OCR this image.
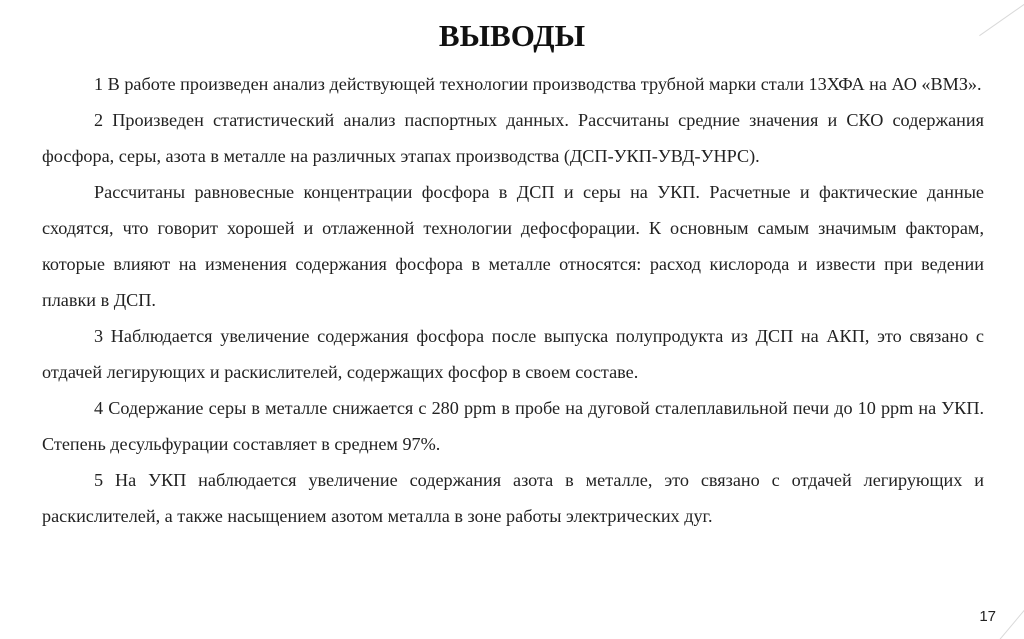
ВЫВОДЫ

1 В работе произведен анализ действующей технологии производства трубной марки стали 13ХФА на АО «ВМЗ».

2 Произведен статистический анализ паспортных данных. Рассчитаны средние значения и СКО содержания фосфора, серы, азота в металле на различных этапах производства (ДСП-УКП-УВД-УНРС).

Рассчитаны равновесные концентрации фосфора в ДСП и серы на УКП. Расчетные и фактические данные сходятся, что говорит хорошей и отлаженной технологии дефосфорации. К основным самым значимым факторам, которые влияют на изменения содержания фосфора в металле относятся: расход кислорода и извести при ведении плавки в ДСП.

3 Наблюдается увеличение содержания фосфора после выпуска полупродукта из ДСП на АКП, это связано с отдачей легирующих и раскислителей, содержащих фосфор в своем составе.

4 Содержание серы в металле снижается с 280 ppm в пробе на дуговой сталеплавильной печи до 10 ppm на УКП. Степень десульфурации составляет в среднем 97%.

5 На УКП наблюдается увеличение содержания азота в металле, это связано с отдачей легирующих и раскислителей, а также насыщением азотом металла в зоне работы электрических дуг.

17
